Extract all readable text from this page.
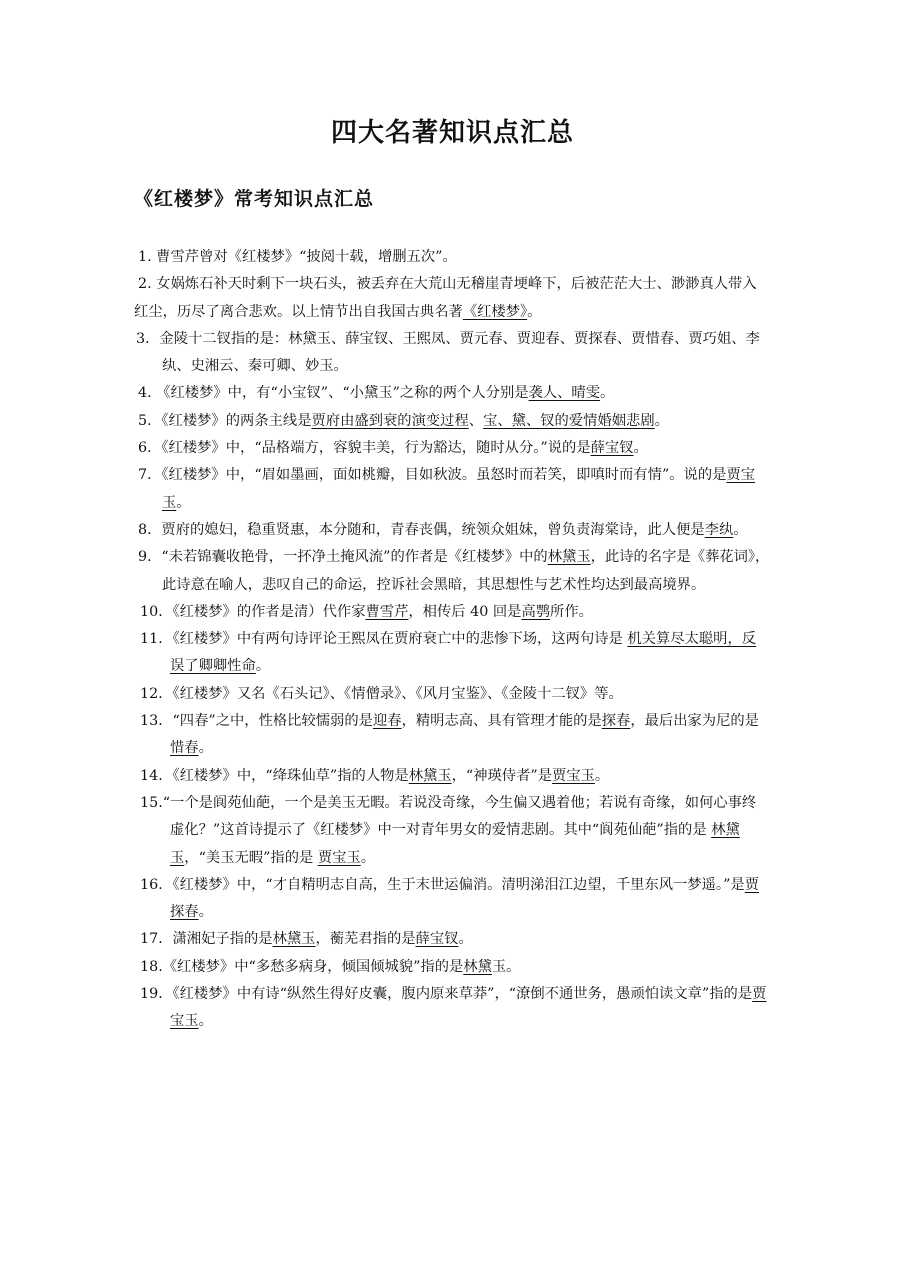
四大名著知识点汇总
《红楼梦》常考知识点汇总
1. 曹雪芹曾对《红楼梦》“披阅十载，增删五次”。
2. 女娲炼石补天时剩下一块石头，被丢弃在大荒山无稽崖青埂峰下，后被茫茫大士、渺渺真人带入红尘，历尽了离合悲欢。以上情节出自我国古典名著《红楼梦》。
3．金陵十二钗指的是：林黛玉、薛宝钗、王熙凤、贾元春、贾迎春、贾探春、贾惜春、贾巧姐、李纨、史湘云、秦可卿、妙玉。
4. 《红楼梦》中，有“小宝钗”、“小黛玉”之称的两个人分别是袭人、晴雯。
5．《红楼梦》的两条主线是贾府由盛到衰的演变过程、宝、黛、钗的爱情婚姻悲剧。
6．《红楼梦》中，“品格端方，容貌丰美，行为豁达，随时从分。”说的是薛宝钗。
7．《红楼梦》中，“眉如墨画，面如桃瓣，目如秋波。虽怒时而若笑，即嗔时而有情”。说的是贾宝玉。
8．贾府的媳妇，稳重贤惠，本分随和，青春丧偶，统领众姐妹，曾负责海棠诗，此人便是李纨。
9．“未若锦囊收艳骨，一抔净土掩风流”的作者是《红楼梦》中的林黛玉，此诗的名字是《葬花词》，此诗意在喻人，悲叹自己的命运，控诉社会黑暗，其思想性与艺术性均达到最高境界。
10．《红楼梦》的作者是清）代作家曹雪芹，相传后 40 回是高鹗所作。
11．《红楼梦》中有两句诗评论王熙凤在贾府衰亡中的悲惨下场，这两句诗是 机关算尽太聪明，反误了卿卿性命。
12．《红楼梦》又名《石头记》、《情僧录》、《风月宝鉴》、《金陵十二钗》等。
13．“四春”之中，性格比较懦弱的是迎春，精明志高、具有管理才能的是探春，最后出家为尼的是惜春。
14．《红楼梦》中，“绛珠仙草”指的人物是林黛玉，“神瑛侍者”是贾宝玉。
15.“一个是阆苑仙葩，一个是美玉无暇。若说没奇缘，今生偏又遇着他；若说有奇缘，如何心事终虚化？”这首诗提示了《红楼梦》中一对青年男女的爱情悲剧。其中“阆苑仙葩”指的是 林黛玉，“美玉无暇”指的是 贾宝玉。
16．《红楼梦》中，“才自精明志自高，生于末世运偏消。清明涕泪江边望，千里东风一梦遥。”是贾探春。
17．潇湘妃子指的是林黛玉，蘅芜君指的是薛宝钗。
18.《红楼梦》中“多愁多病身，倾国倾城貌”指的是林黛玉。
19．《红楼梦》中有诗“纵然生得好皮囊，腹内原来草莽”，“潦倒不通世务，愚顽怕读文章”指的是贾宝玉。
